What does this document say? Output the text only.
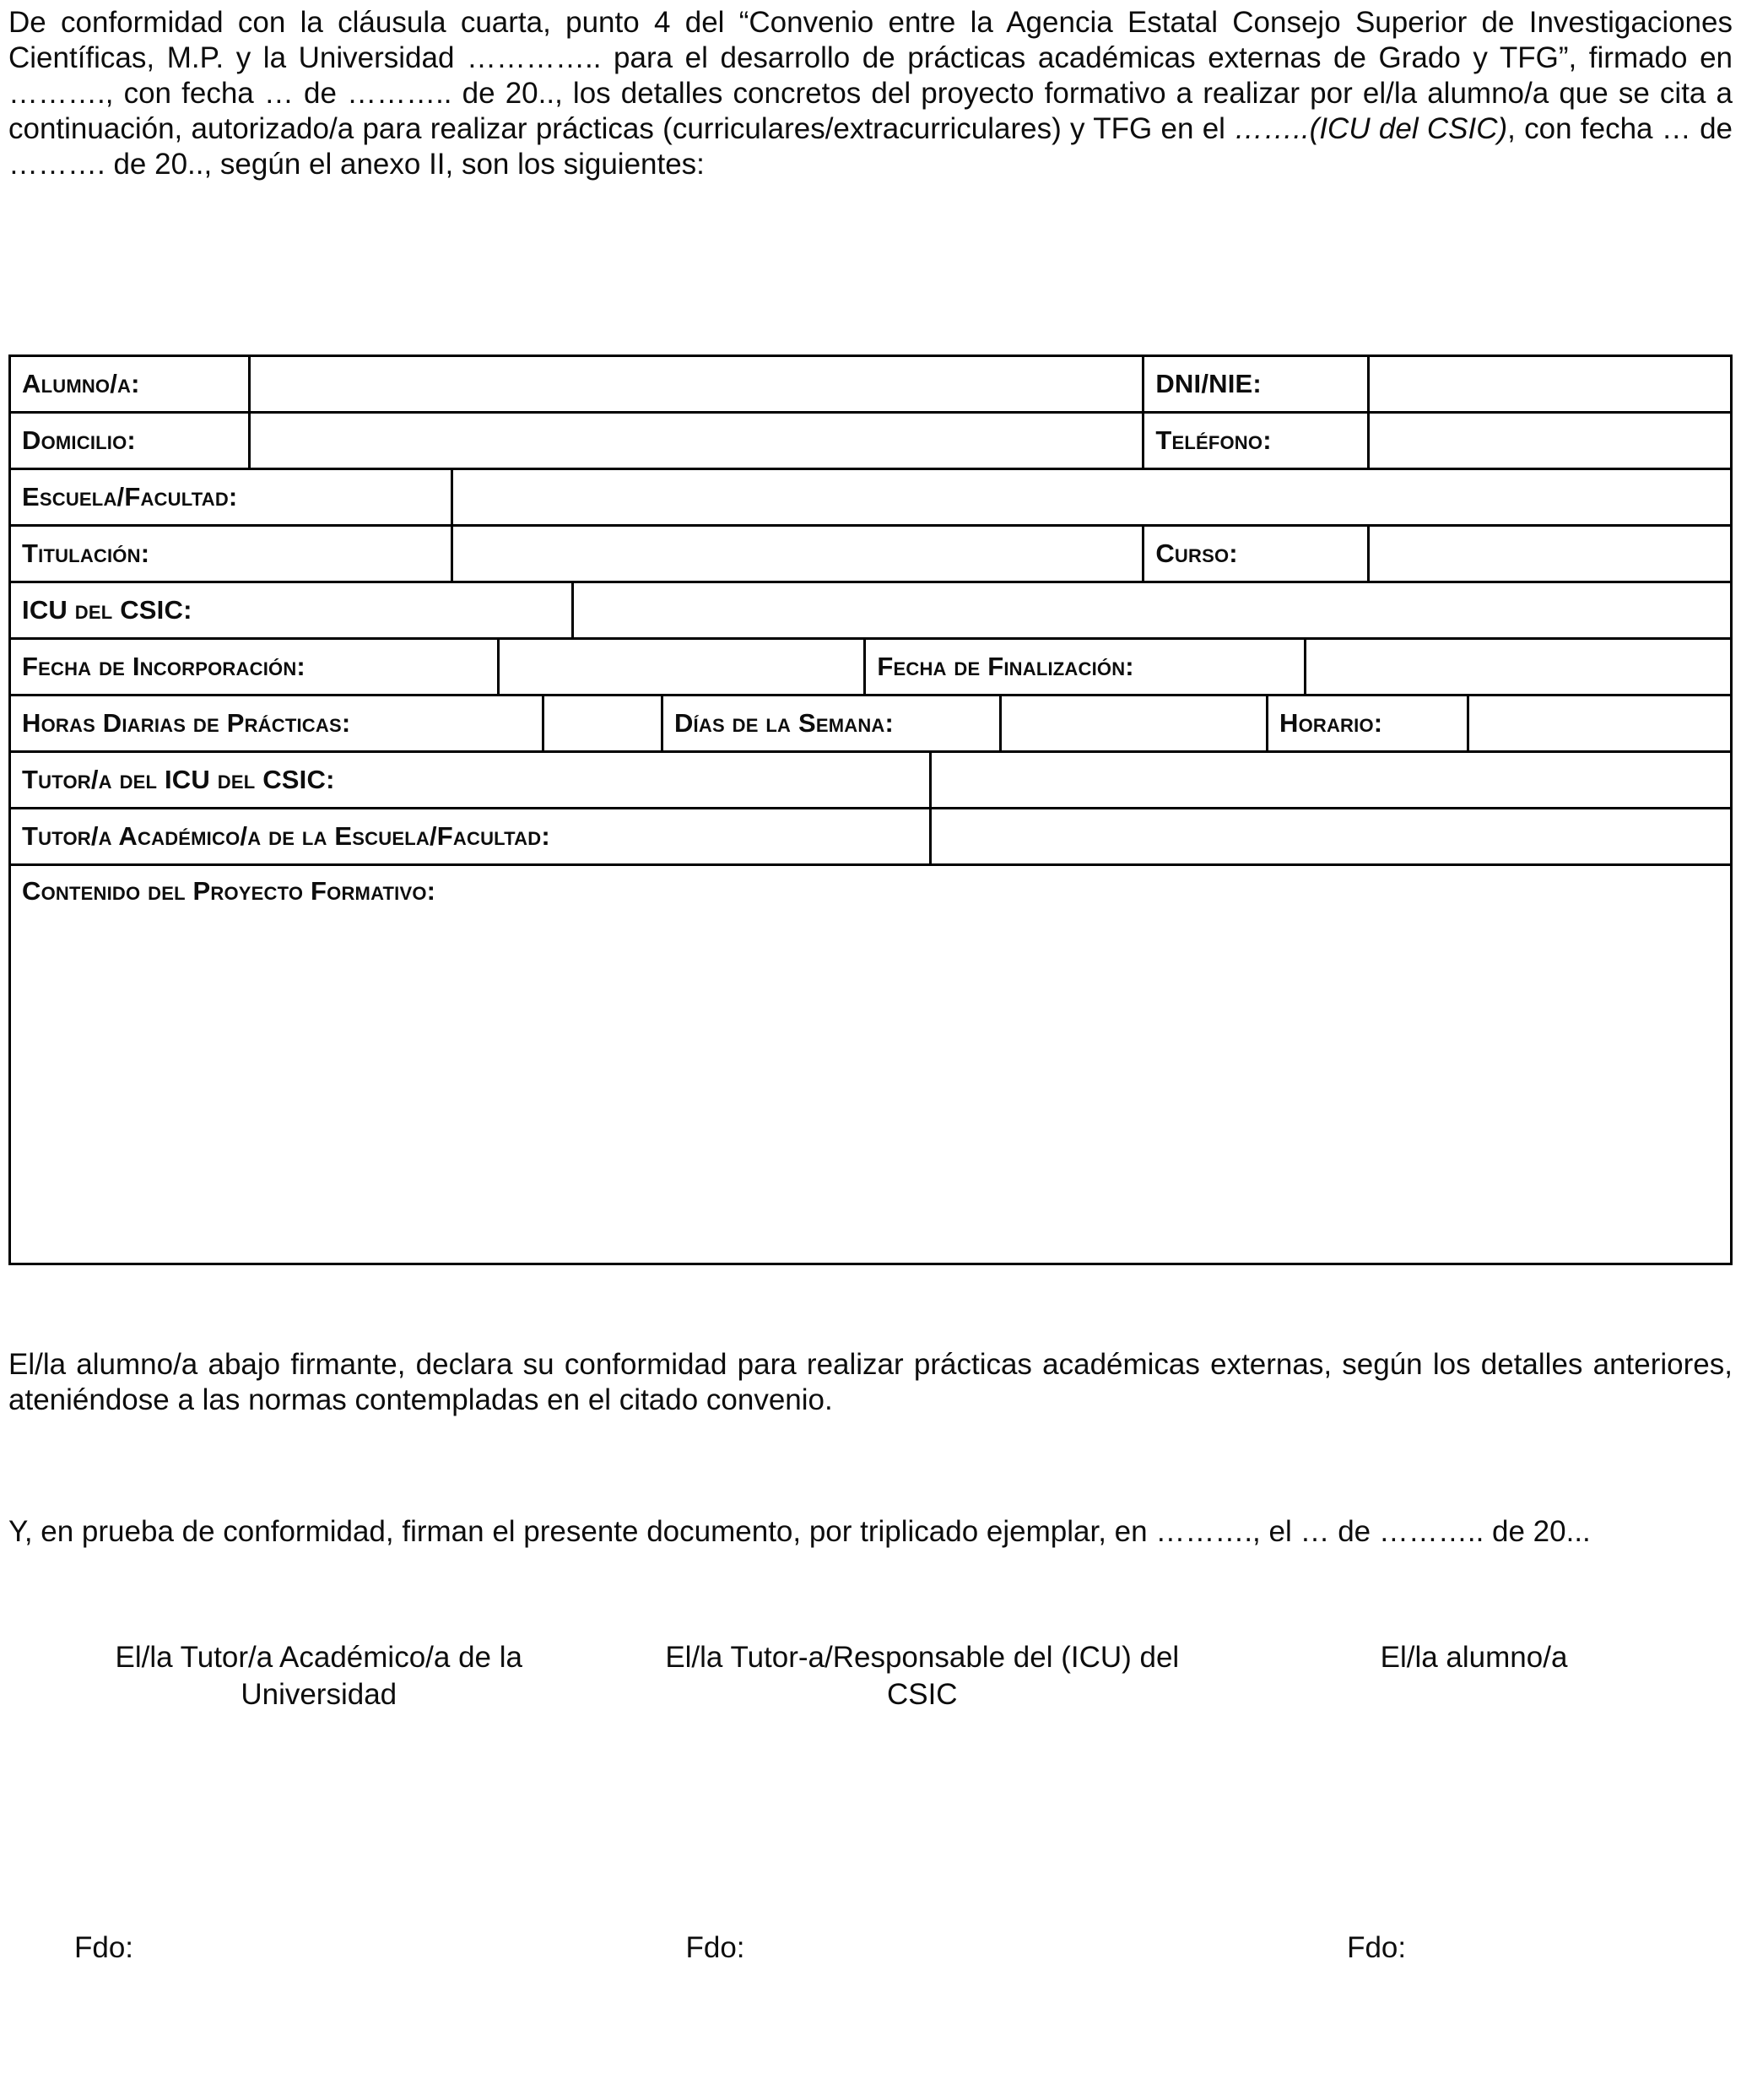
De conformidad con la cláusula cuarta, punto 4 del “Convenio entre la Agencia Estatal Consejo Superior de Investigaciones Científicas, M.P. y la Universidad ………….. para el desarrollo de prácticas académicas externas de Grado y TFG”, firmado en ………., con fecha … de ……….. de 20.., los detalles concretos del proyecto formativo a realizar por el/la alumno/a que se cita a continuación, autorizado/a para realizar prácticas (curriculares/extracurriculares) y TFG en el ……..(ICU del CSIC), con fecha … de ………. de 20.., según el anexo II, son los siguientes:

Alumno/a:	DNI/NIE:
Domicilio:	Teléfono:
Escuela/Facultad:
Titulación:	Curso:
ICU del CSIC:
Fecha de Incorporación:	Fecha de Finalización:
Horas Diarias de Prácticas:	Días de la Semana:	Horario:
Tutor/a del ICU del CSIC:
Tutor/a Académico/a de la Escuela/Facultad:
Contenido del Proyecto Formativo:

El/la alumno/a abajo firmante, declara su conformidad para realizar prácticas académicas externas, según los detalles anteriores, ateniéndose a las normas contempladas en el citado convenio.

Y, en prueba de conformidad, firman el presente documento, por triplicado ejemplar, en ………., el … de ……….. de 20...

El/la Tutor/a Académico/a de la Universidad
El/la Tutor-a/Responsable del (ICU) del CSIC
El/la alumno/a
Fdo:	Fdo:	Fdo:
